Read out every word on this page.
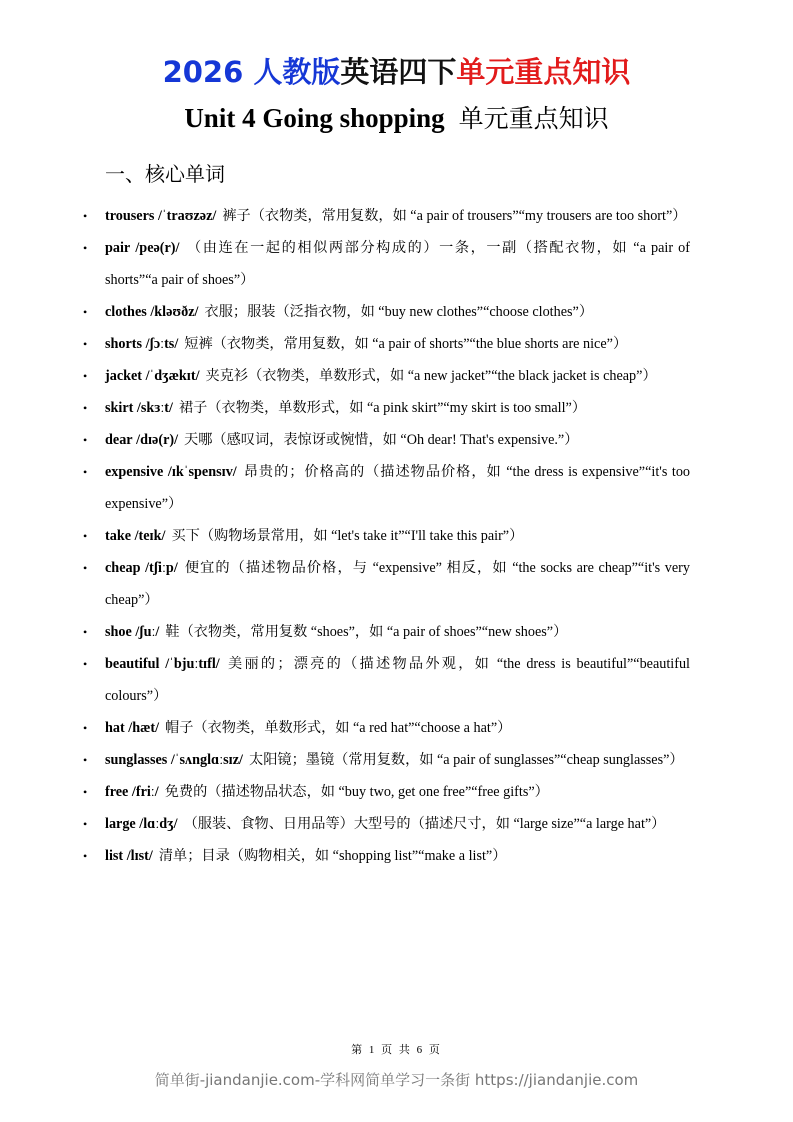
2026 人教版英语四下单元重点知识
Unit 4 Going shopping 单元重点知识
一、核心单词
• trousers /ˈtraʊzəz/ 裤子（衣物类，常用复数，如 “a pair of trousers”“my trousers are too short”）
• pair /peə(r)/ （由连在一起的相似两部分构成的）一条，一副（搭配衣物，如 “a pair of shorts”“a pair of shoes”）
• clothes /kləʊðz/ 衣服；服装（泛指衣物，如 “buy new clothes”“choose clothes”）
• shorts /ʃɔːts/ 短裤（衣物类，常用复数，如 “a pair of shorts”“the blue shorts are nice”）
• jacket /ˈdʒækɪt/ 夹克衫（衣物类，单数形式，如 “a new jacket”“the black jacket is cheap”）
• skirt /skɜːt/ 裙子（衣物类，单数形式，如 “a pink skirt”“my skirt is too small”）
• dear /dɪə(r)/ 天哪（感叹词，表惊讶或惋惜，如 “Oh dear! That's expensive.”）
• expensive /ɪkˈspensɪv/ 昂贵的；价格高的（描述物品价格，如 “the dress is expensive”“it's too expensive”）
• take /teɪk/ 买下（购物场景常用，如 “let's take it”“I'll take this pair”）
• cheap /tʃiːp/ 便宜的（描述物品价格，与 “expensive” 相反，如 “the socks are cheap”“it's very cheap”）
• shoe /ʃuː/ 鞋（衣物类，常用复数 “shoes”，如 “a pair of shoes”“new shoes”）
• beautiful /ˈbjuːtɪfl/ 美丽的；漂亮的（描述物品外观，如 “the dress is beautiful”“beautiful colours”）
• hat /hæt/ 帽子（衣物类，单数形式，如 “a red hat”“choose a hat”）
• sunglasses /ˈsʌnglɑːsɪz/ 太阳镜；墨镜（常用复数，如 “a pair of sunglasses”“cheap sunglasses”）
• free /friː/ 免费的（描述物品状态，如 “buy two, get one free”“free gifts”）
• large /lɑːdʒ/ （服装、食物、日用品等）大型号的（描述尺寸，如 “large size”“a large hat”）
• list /lɪst/ 清单；目录（购物相关，如 “shopping list”“make a list”）
第 1 页 共 6 页
简单街-jiandanjie.com-学科网简单学习一条街 https://jiandanjie.com
